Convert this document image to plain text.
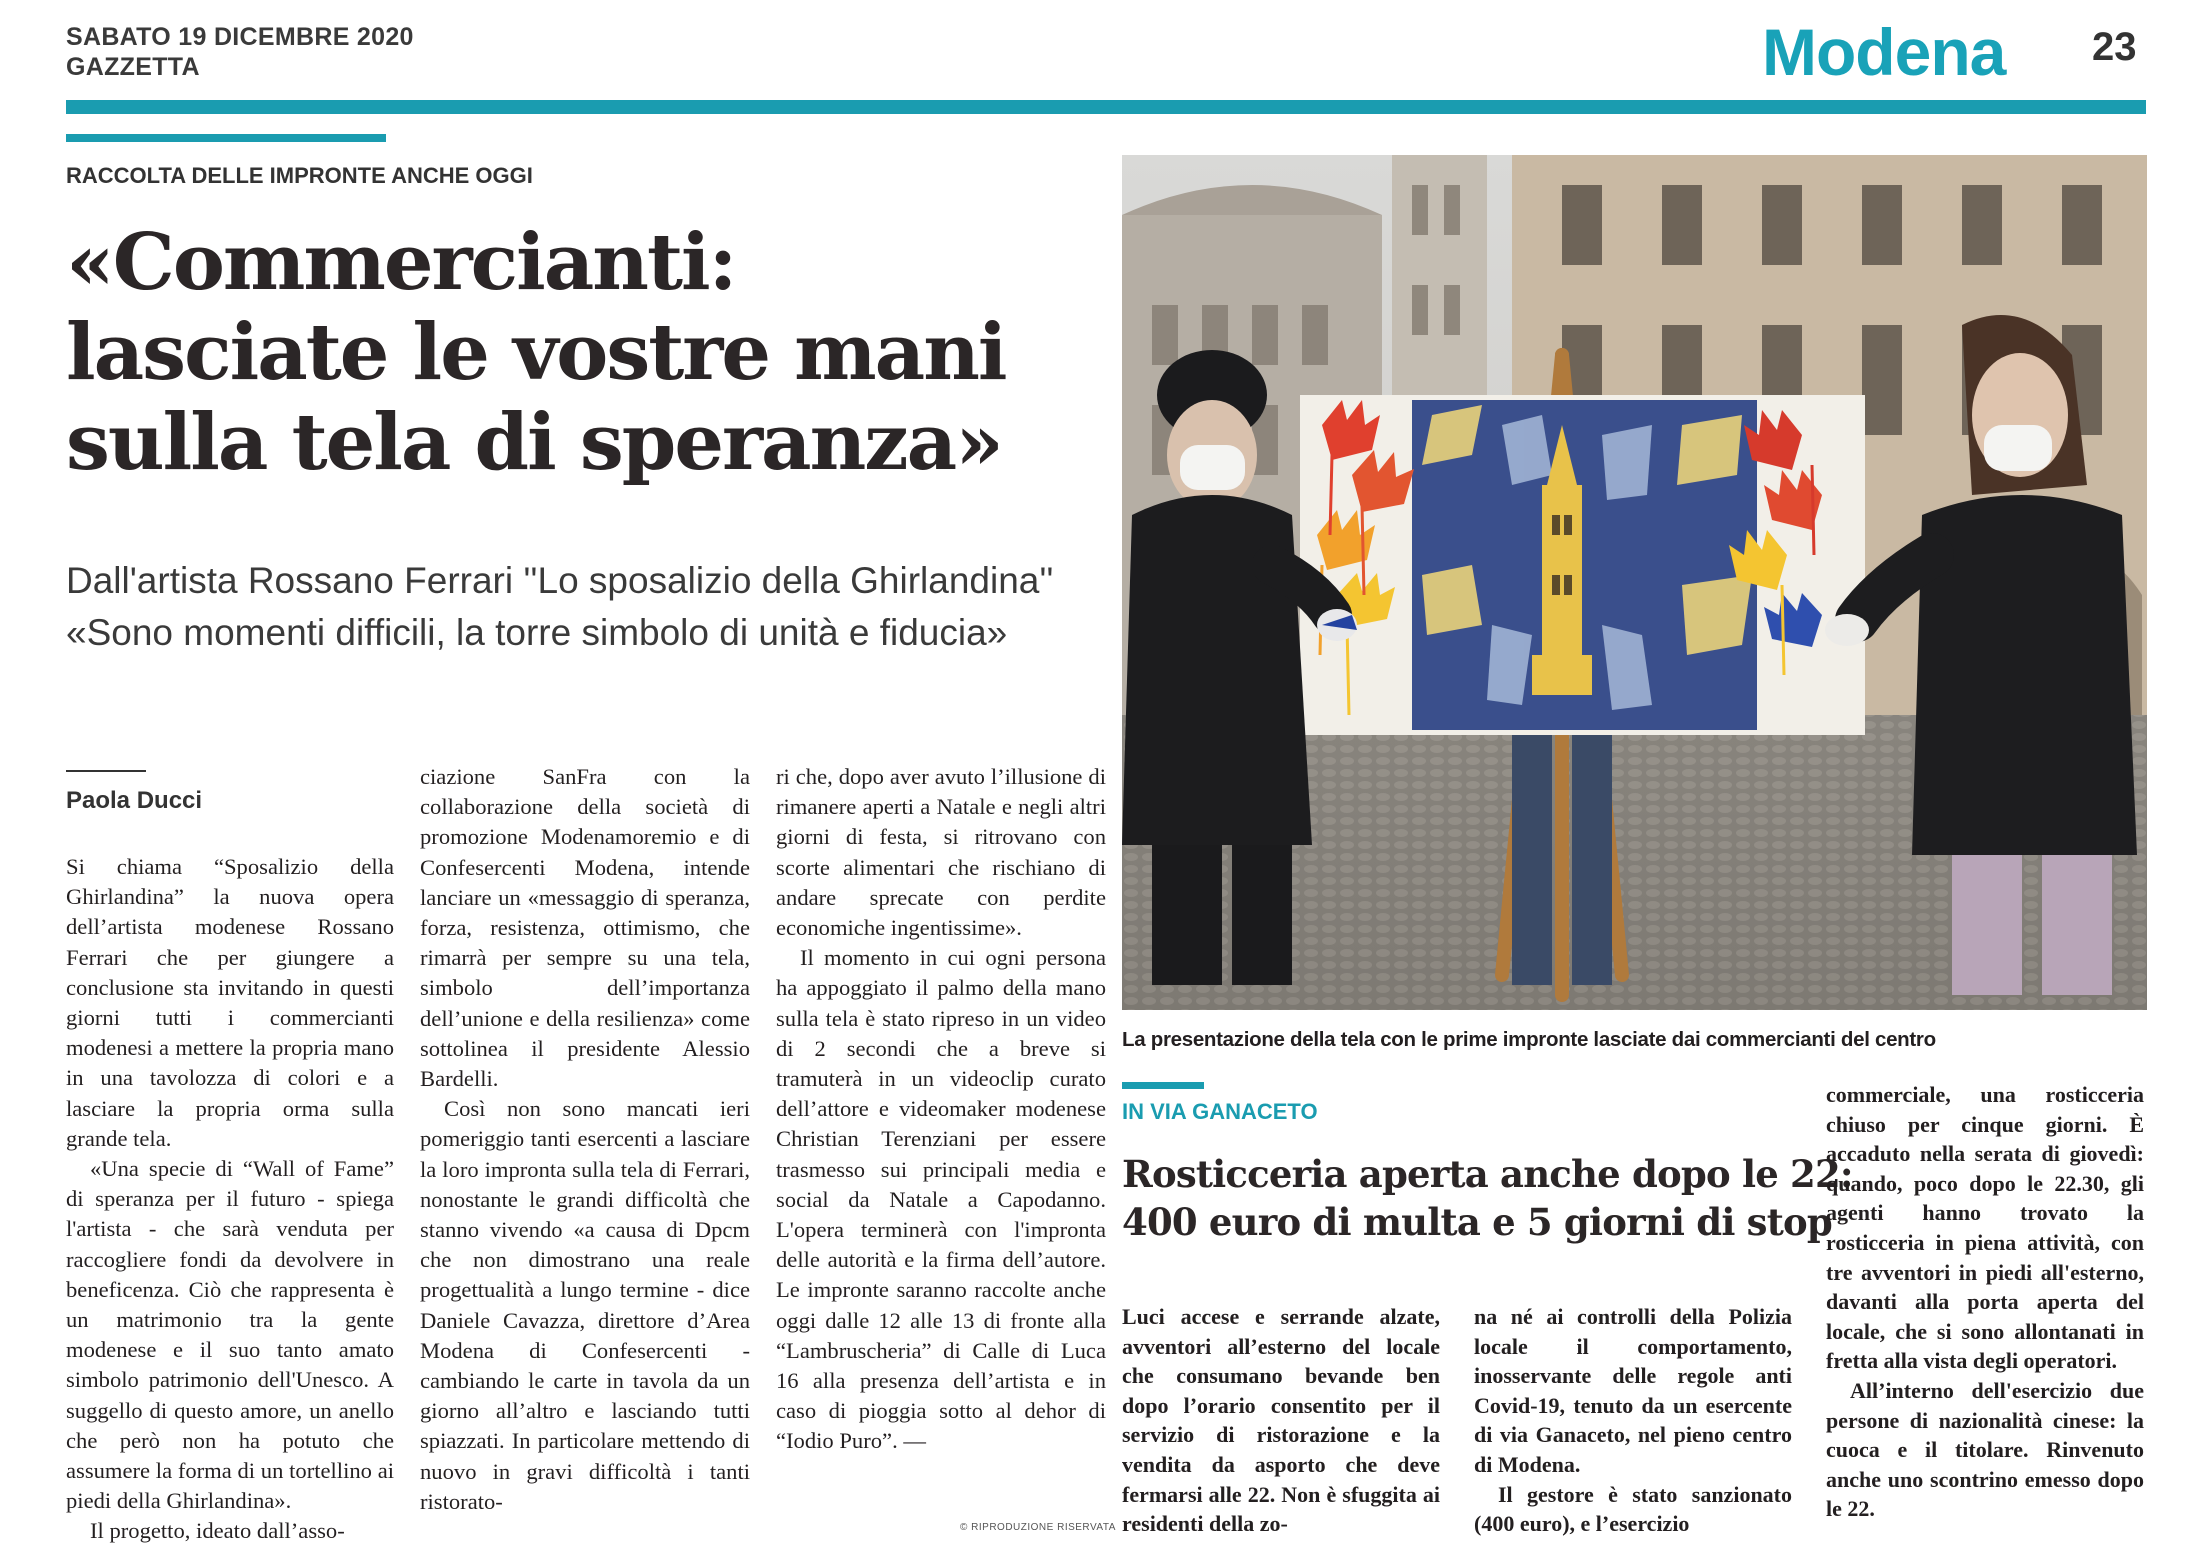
SABATO 19 DICEMBRE 2020
GAZZETTA	Modena 23
RACCOLTA DELLE IMPRONTE ANCHE OGGI
«Commercianti:
lasciate le vostre mani
sulla tela di speranza»
Dall'artista Rossano Ferrari ''Lo sposalizio della Ghirlandina''
«Sono momenti difficili, la torre simbolo di unità e fiducia»
Paola Ducci

Si chiama “Sposalizio della Ghirlandina” la nuova opera dell’artista modenese Rossano Ferrari che per giungere a conclusione sta invitando in questi giorni tutti i commercianti modenesi a mettere la propria mano in una tavolozza di colori e a lasciare la propria orma sulla grande tela.

«Una specie di “Wall of Fame” di speranza per il futuro - spiega l'artista - che sarà venduta per raccogliere fondi da devolvere in beneficenza. Ciò che rappresenta è un matrimonio tra la gente modenese e il suo tanto amato simbolo patrimonio dell'Unesco. A suggello di questo amore, un anello che però non ha potuto che assumere la forma di un tortellino ai piedi della Ghirlandina».

Il progetto, ideato dall’asso-

ciazione SanFra con la collaborazione della società di promozione Modenamoremio e di Confesercenti Modena, intende lanciare un «messaggio di speranza, forza, resistenza, ottimismo, che rimarrà per sempre su una tela, simbolo dell’importanza dell’unione e della resilienza» come sottolinea il presidente Alessio Bardelli.

Così non sono mancati ieri pomeriggio tanti esercenti a lasciare la loro impronta sulla tela di Ferrari, nonostante le grandi difficoltà che stanno vivendo «a causa di Dpcm che non dimostrano una reale progettualità a lungo termine - dice Daniele Cavazza, direttore d’Area Modena di Confesercenti - cambiando le carte in tavola da un giorno all’altro e lasciando tutti spiazzati. In particolare mettendo di nuovo in gravi difficoltà i tanti ristorato-

ri che, dopo aver avuto l’illusione di rimanere aperti a Natale e negli altri giorni di festa, si ritrovano con scorte alimentari che rischiano di andare sprecate con perdite economiche ingentissime».

Il momento in cui ogni persona ha appoggiato il palmo della mano sulla tela è stato ripreso in un video di 2 secondi che a breve si tramuterà in un videoclip curato dell’attore e videomaker modenese Christian Terenziani per essere trasmesso sui principali media e social da Natale a Capodanno. L'opera terminerà con l'impronta delle autorità e la firma dell’autore. Le impronte saranno raccolte anche oggi dalle 12 alle 13 di fronte alla “Lambruscheria” di Calle di Luca 16 alla presenza dell’artista e in caso di pioggia sotto al dehor di “Iodio Puro”. —

© RIPRODUZIONE RISERVATA
La presentazione della tela con le prime impronte lasciate dai commercianti del centro
IN VIA GANACETO
Rosticceria aperta anche dopo le 22:
400 euro di multa e 5 giorni di stop

Luci accese e serrande alzate, avventori all’esterno del locale che consumano bevande ben dopo l’orario consentito per il servizio di ristorazione e la vendita da asporto che deve fermarsi alle 22. Non è sfuggita ai residenti della zo-

na né ai controlli della Polizia locale il comportamento, inosservante delle regole anti Covid-19, tenuto da un esercente di via Ganaceto, nel pieno centro di Modena.

Il gestore è stato sanzionato (400 euro), e l’esercizio

commerciale, una rosticceria chiuso per cinque giorni. È accaduto nella serata di giovedì: quando, poco dopo le 22.30, gli agenti hanno trovato la rosticceria in piena attività, con tre avventori in piedi all'esterno, davanti alla porta aperta del locale, che si sono allontanati in fretta alla vista degli operatori.

All’interno dell'esercizio due persone di nazionalità cinese: la cuoca e il titolare. Rinvenuto anche uno scontrino emesso dopo le 22.
